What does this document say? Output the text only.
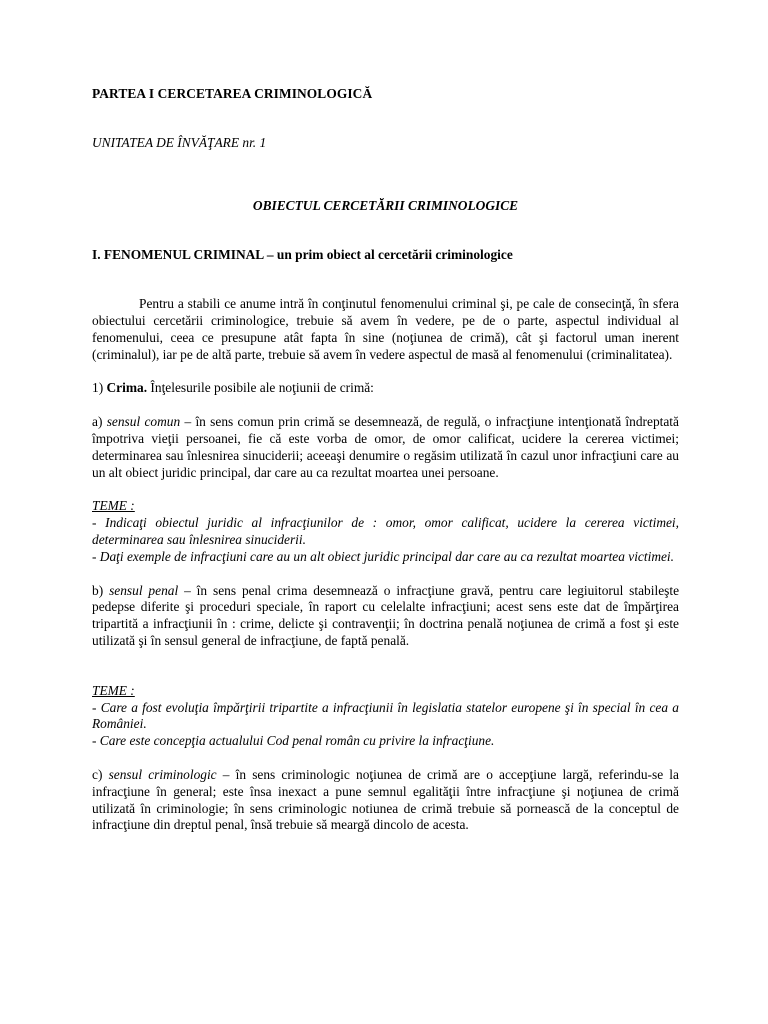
PARTEA I CERCETAREA CRIMINOLOGICĂ
UNITATEA DE ÎNVĂŢARE nr. 1
OBIECTUL CERCETĂRII CRIMINOLOGICE
I. FENOMENUL CRIMINAL – un prim obiect al cercetării criminologice

Pentru a stabili ce anume intră în conţinutul fenomenului criminal şi, pe cale de consecinţă, în sfera obiectului cercetării criminologice, trebuie să avem în vedere, pe de o parte, aspectul individual al fenomenului, ceea ce presupune atât fapta în sine (noţiunea de crimă), cât şi factorul uman inerent (criminalul), iar pe de altă parte, trebuie să avem în vedere aspectul de masă al fenomenului (criminalitatea).

1) Crima. Înţelesurile posibile ale noţiunii de crimă:

a) sensul comun – în sens comun prin crimă se desemnează, de regulă, o infracţiune intenţionată îndreptată împotriva vieţii persoanei, fie că este vorba de omor, de omor calificat, ucidere la cererea victimei; determinarea sau înlesnirea sinuciderii; aceeaşi denumire o regăsim utilizată în cazul unor infracţiuni care au un alt obiect juridic principal, dar care au ca rezultat moartea unei persoane.

TEME :

- Indicaţi obiectul juridic al infracţiunilor de : omor, omor calificat, ucidere la cererea victimei, determinarea sau înlesnirea sinuciderii.

- Daţi exemple de infracţiuni care au un alt obiect juridic principal dar care au ca rezultat moartea victimei.

b) sensul penal – în sens penal crima desemnează o infracţiune gravă, pentru care legiuitorul stabileşte pedepse diferite şi proceduri speciale, în raport cu celelalte infracţiuni; acest sens este dat de împărţirea tripartită a infracţiunii în : crime, delicte şi contravenţii; în doctrina penală noţiunea de crimă a fost şi este utilizată şi în sensul general de infracţiune, de faptă penală.

TEME :

- Care a fost evoluţia împărţirii tripartite a infracţiunii în legislatia statelor europene şi în special în cea a României.

- Care este concepţia actualului Cod penal român cu privire la infracţiune.

c) sensul criminologic – în sens criminologic noţiunea de crimă are o accepţiune largă, referindu-se la infracţiune în general; este însa inexact a pune semnul egalităţii între infracţiune şi noţiunea de crimă utilizată în criminologie; în sens criminologic notiunea de crimă trebuie să pornească de la conceptul de infracţiune din dreptul penal, însă trebuie să meargă dincolo de acesta.
